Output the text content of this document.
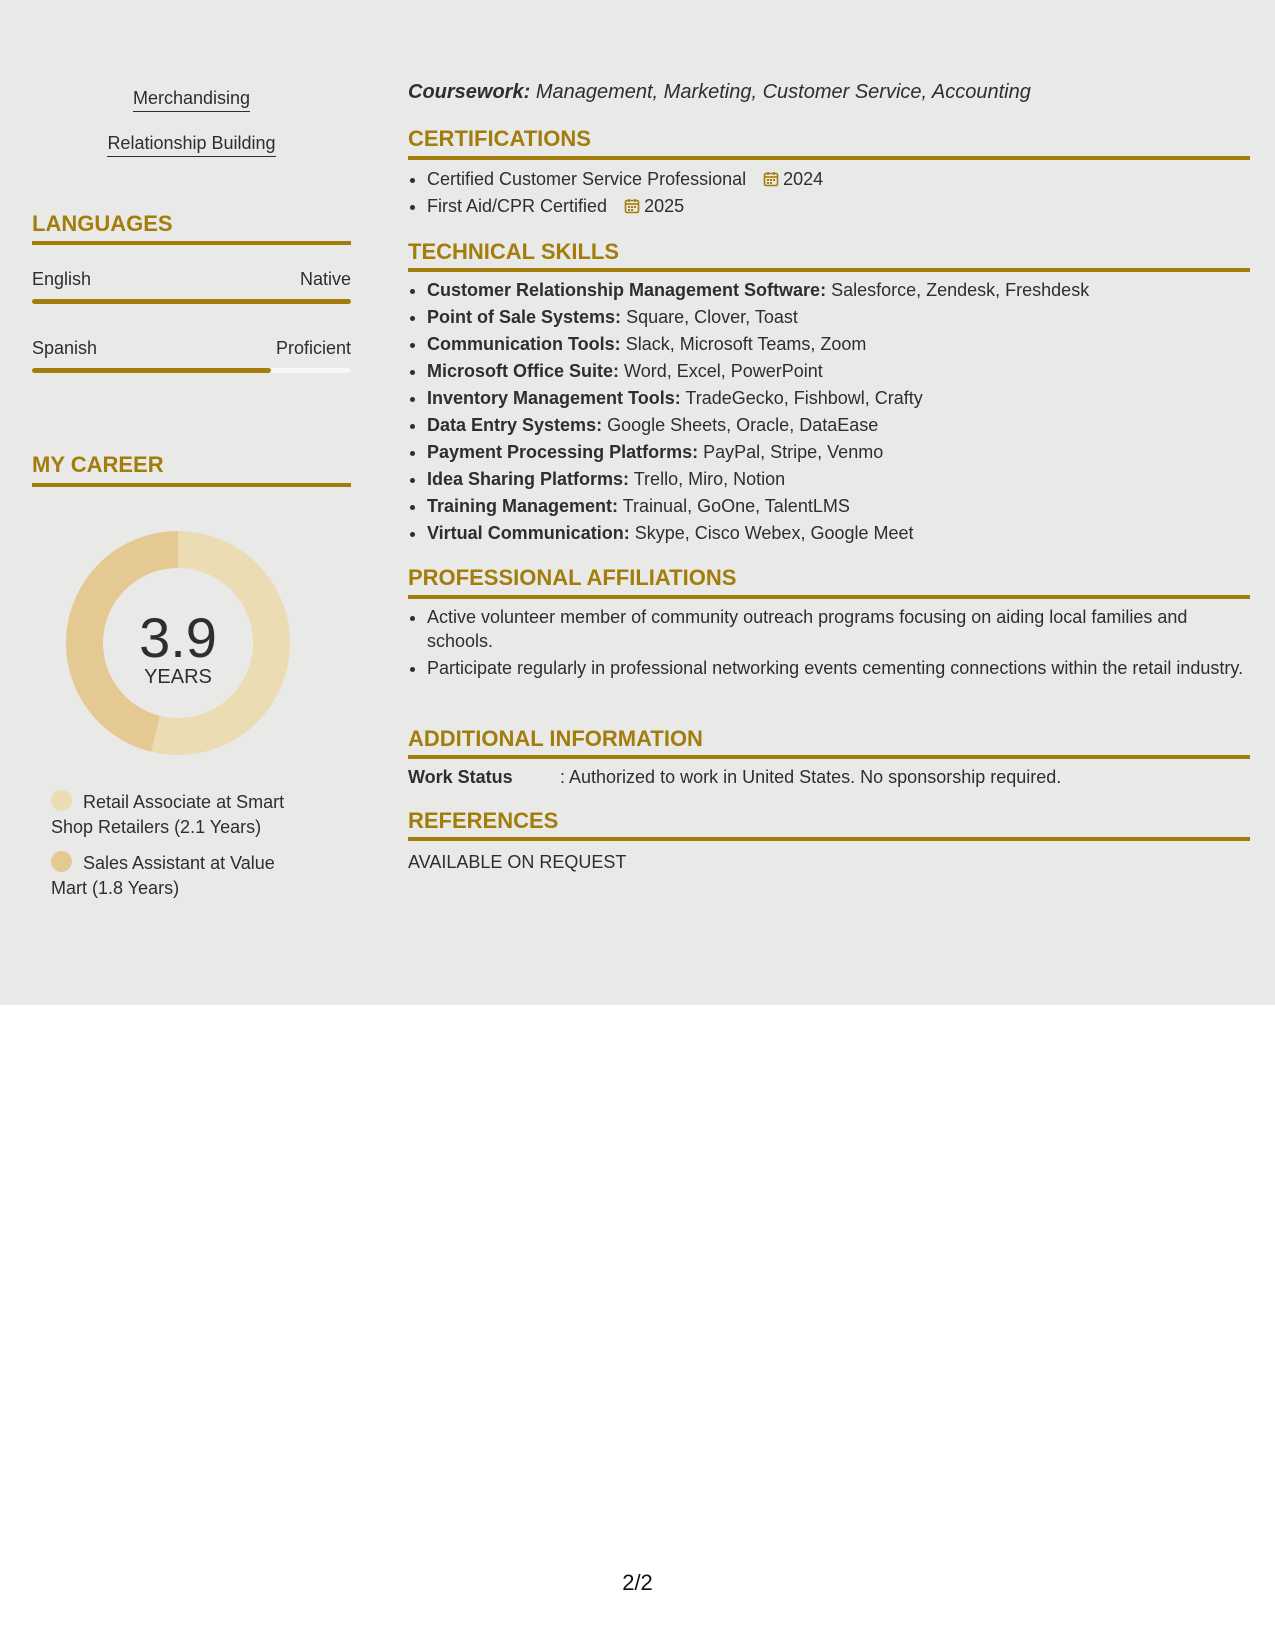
Merchandising
Relationship Building
LANGUAGES
English	Native
Spanish	Proficient
MY CAREER
3.9
YEARS
Retail Associate at Smart Shop Retailers (2.1 Years)
Sales Assistant at Value Mart (1.8 Years)
Coursework: Management, Marketing, Customer Service, Accounting
CERTIFICATIONS
• Certified Customer Service Professional 2024
• First Aid/CPR Certified 2025
TECHNICAL SKILLS
• Customer Relationship Management Software: Salesforce, Zendesk, Freshdesk
• Point of Sale Systems: Square, Clover, Toast
• Communication Tools: Slack, Microsoft Teams, Zoom
• Microsoft Office Suite: Word, Excel, PowerPoint
• Inventory Management Tools: TradeGecko, Fishbowl, Crafty
• Data Entry Systems: Google Sheets, Oracle, DataEase
• Payment Processing Platforms: PayPal, Stripe, Venmo
• Idea Sharing Platforms: Trello, Miro, Notion
• Training Management: Trainual, GoOne, TalentLMS
• Virtual Communication: Skype, Cisco Webex, Google Meet
PROFESSIONAL AFFILIATIONS
• Active volunteer member of community outreach programs focusing on aiding local families and schools.
• Participate regularly in professional networking events cementing connections within the retail industry.
ADDITIONAL INFORMATION
Work Status	: Authorized to work in United States. No sponsorship required.
REFERENCES
AVAILABLE ON REQUEST
2/2
